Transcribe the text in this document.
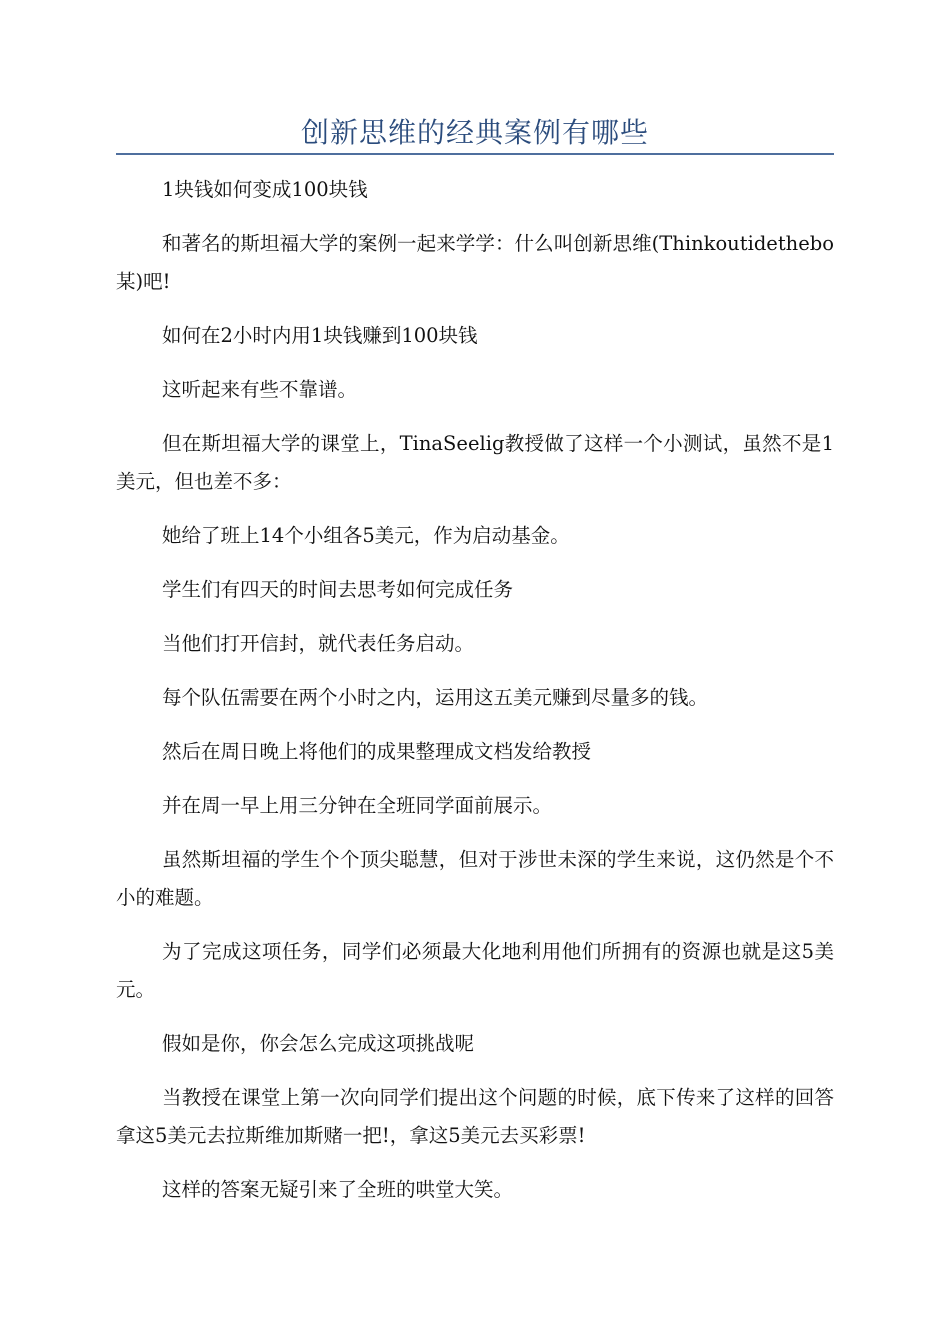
创新思维的经典案例有哪些

1块钱如何变成100块钱

和著名的斯坦福大学的案例一起来学学：什么叫创新思维(Thinkoutidethebo某)吧!

如何在2小时内用1块钱赚到100块钱

这听起来有些不靠谱。

但在斯坦福大学的课堂上，TinaSeelig教授做了这样一个小测试，虽然不是1美元，但也差不多：

她给了班上14个小组各5美元，作为启动基金。

学生们有四天的时间去思考如何完成任务

当他们打开信封，就代表任务启动。

每个队伍需要在两个小时之内，运用这五美元赚到尽量多的钱。

然后在周日晚上将他们的成果整理成文档发给教授

并在周一早上用三分钟在全班同学面前展示。

虽然斯坦福的学生个个顶尖聪慧，但对于涉世未深的学生来说，这仍然是个不小的难题。

为了完成这项任务，同学们必须最大化地利用他们所拥有的资源也就是这5美元。

假如是你，你会怎么完成这项挑战呢

当教授在课堂上第一次向同学们提出这个问题的时候，底下传来了这样的回答拿这5美元去拉斯维加斯赌一把!，拿这5美元去买彩票!

这样的答案无疑引来了全班的哄堂大笑。
